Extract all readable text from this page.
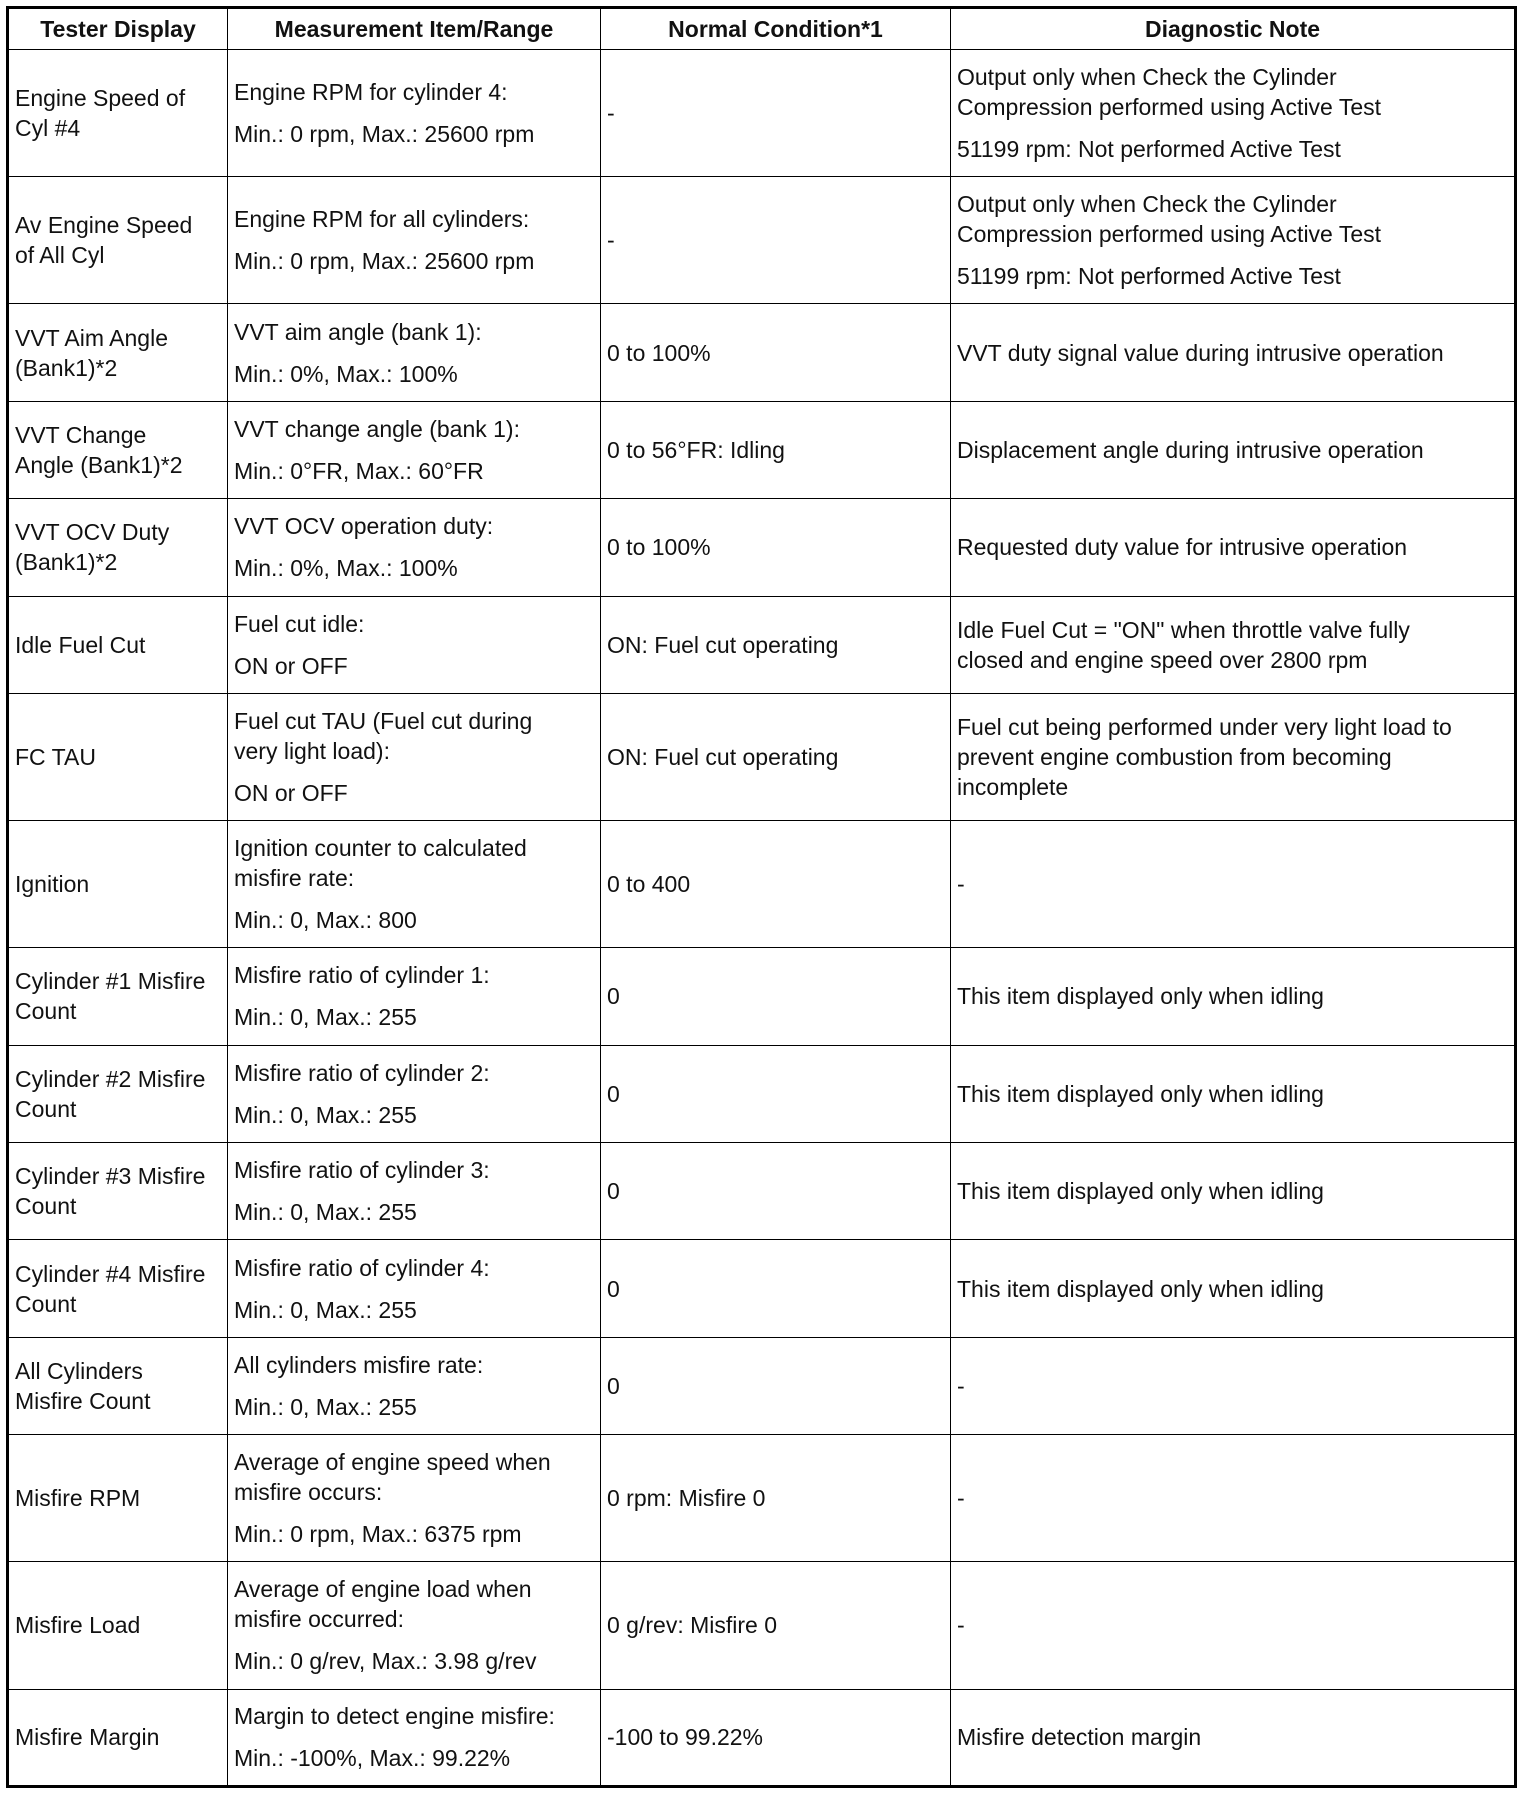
Tester Display	Measurement Item/Range	Normal Condition*1	Diagnostic Note

Engine Speed of
Cyl #4	Engine RPM for cylinder 4:
Min.: 0 rpm, Max.: 25600 rpm	-	Output only when Check the Cylinder
Compression performed using Active Test
51199 rpm: Not performed Active Test

Av Engine Speed
of All Cyl	Engine RPM for all cylinders:
Min.: 0 rpm, Max.: 25600 rpm	-	Output only when Check the Cylinder
Compression performed using Active Test
51199 rpm: Not performed Active Test

VVT Aim Angle
(Bank1)*2	VVT aim angle (bank 1):
Min.: 0%, Max.: 100%	0 to 100%	VVT duty signal value during intrusive operation

VVT Change
Angle (Bank1)*2	VVT change angle (bank 1):
Min.: 0°FR, Max.: 60°FR	0 to 56°FR: Idling	Displacement angle during intrusive operation

VVT OCV Duty
(Bank1)*2	VVT OCV operation duty:
Min.: 0%, Max.: 100%	0 to 100%	Requested duty value for intrusive operation

Idle Fuel Cut	Fuel cut idle:
ON or OFF	ON: Fuel cut operating	Idle Fuel Cut = "ON" when throttle valve fully
closed and engine speed over 2800 rpm

FC TAU	Fuel cut TAU (Fuel cut during
very light load):
ON or OFF	ON: Fuel cut operating	Fuel cut being performed under very light load to
prevent engine combustion from becoming
incomplete

Ignition	Ignition counter to calculated
misfire rate:
Min.: 0, Max.: 800	0 to 400	-

Cylinder #1 Misfire
Count	Misfire ratio of cylinder 1:
Min.: 0, Max.: 255	0	This item displayed only when idling

Cylinder #2 Misfire
Count	Misfire ratio of cylinder 2:
Min.: 0, Max.: 255	0	This item displayed only when idling

Cylinder #3 Misfire
Count	Misfire ratio of cylinder 3:
Min.: 0, Max.: 255	0	This item displayed only when idling

Cylinder #4 Misfire
Count	Misfire ratio of cylinder 4:
Min.: 0, Max.: 255	0	This item displayed only when idling

All Cylinders
Misfire Count	All cylinders misfire rate:
Min.: 0, Max.: 255	0	-

Misfire RPM	Average of engine speed when
misfire occurs:
Min.: 0 rpm, Max.: 6375 rpm	0 rpm: Misfire 0	-

Misfire Load	Average of engine load when
misfire occurred:
Min.: 0 g/rev, Max.: 3.98 g/rev	0 g/rev: Misfire 0	-

Misfire Margin	Margin to detect engine misfire:
Min.: -100%, Max.: 99.22%	-100 to 99.22%	Misfire detection margin
